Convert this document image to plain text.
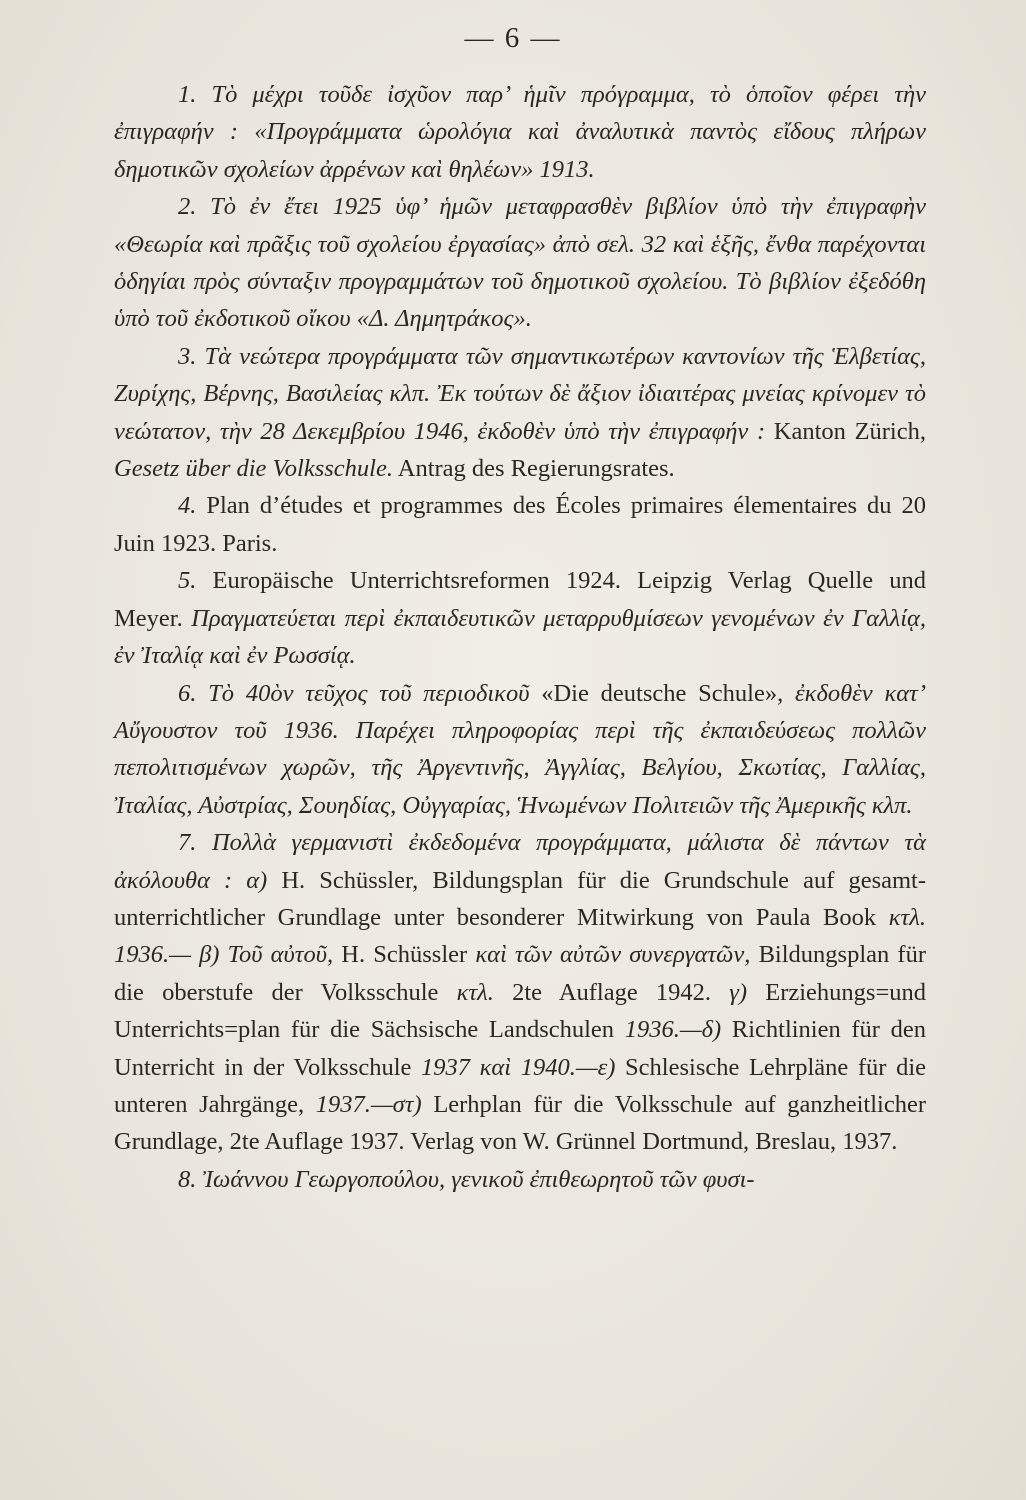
— 6 —

1. Τὸ μέχρι τοῦδε ἰσχῦον παρ’ ἡμῖν πρόγραμμα, τὸ ὁποῖον φέρει τὴν ἐπιγραφήν : «Προγράμματα ὡρολόγια καὶ ἀναλυτικὰ παντὸς εἴδους πλήρων δημοτικῶν σχολείων ἀρρένων καὶ θηλέων» 1913.

2. Τὸ ἐν ἔτει 1925 ὑφ’ ἡμῶν μεταφρασθὲν βιβλίον ὑπὸ τὴν ἐπιγραφὴν «Θεωρία καὶ πρᾶξις τοῦ σχολείου ἐργασίας» ἀπὸ σελ. 32 καὶ ἑξῆς, ἔνθα παρέχονται ὁδηγίαι πρὸς σύνταξιν προγραμμάτων τοῦ δημοτικοῦ σχολείου. Τὸ βιβλίον ἐξεδόθη ὑπὸ τοῦ ἐκδοτικοῦ οἴκου «Δ. Δημητράκος».

3. Τὰ νεώτερα προγράμματα τῶν σημαντικωτέρων καντονίων τῆς Ἑλβετίας, Ζυρίχης, Βέρνης, Βασιλείας κλπ. Ἐκ τούτων δὲ ἄξιον ἰδιαιτέρας μνείας κρίνομεν τὸ νεώτατον, τὴν 28 Δεκεμβρίου 1946, ἐκδοθὲν ὑπὸ τὴν ἐπιγραφήν : Kanton Zürich, Gesetz über die Volksschule. Antrag des Regierungsrates.

4. Plan d’études et programmes des Écoles primaires élementaires du 20 Juin 1923. Paris.

5. Europäische Unterrichtsreformen 1924. Leipzig Verlag Quelle und Meyer. Πραγματεύεται περὶ ἐκπαιδευτικῶν μεταρρυθμίσεων γενομένων ἐν Γαλλίᾳ, ἐν Ἰταλίᾳ καὶ ἐν Ρωσσίᾳ.

6. Τὸ 40ὸν τεῦχος τοῦ περιοδικοῦ «Die deutsche Schule», ἐκδοθὲν κατ’ Αὔγουστον τοῦ 1936. Παρέχει πληροφορίας περὶ τῆς ἐκπαιδεύσεως πολλῶν πεπολιτισμένων χωρῶν, τῆς Ἀργεντινῆς, Ἀγγλίας, Βελγίου, Σκωτίας, Γαλλίας, Ἰταλίας, Αὐστρίας, Σουηδίας, Οὐγγαρίας, Ἡνωμένων Πολιτειῶν τῆς Ἀμερικῆς κλπ.

7. Πολλὰ γερμανιστὶ ἐκδεδομένα προγράμματα, μάλιστα δὲ πάντων τὰ ἀκόλουθα : α) H. Schüssler, Bildungsplan für die Grundschule auf gesamt-unterrichtlicher Grundlage unter besonderer Mitwirkung von Paula Book κτλ. 1936.— β) Τοῦ αὐτοῦ, H. Schüssler καὶ τῶν αὐτῶν συνεργατῶν, Bildungsplan für die oberstufe der Volksschule κτλ. 2te Auflage 1942. γ) Erziehungs=und Unterrichts=plan für die Sächsische Landschulen 1936.—δ) Richtlinien für den Unterricht in der Volksschule 1937 καὶ 1940.—ε) Schlesische Lehrpläne für die unteren Jahrgänge, 1937.—στ) Lerhplan für die Volksschule auf ganzheitlicher Grundlage, 2te Auflage 1937. Verlag von W. Grünnel Dortmund, Breslau, 1937.

8. Ἰωάννου Γεωργοπούλου, γενικοῦ ἐπιθεωρητοῦ τῶν φυσι-
